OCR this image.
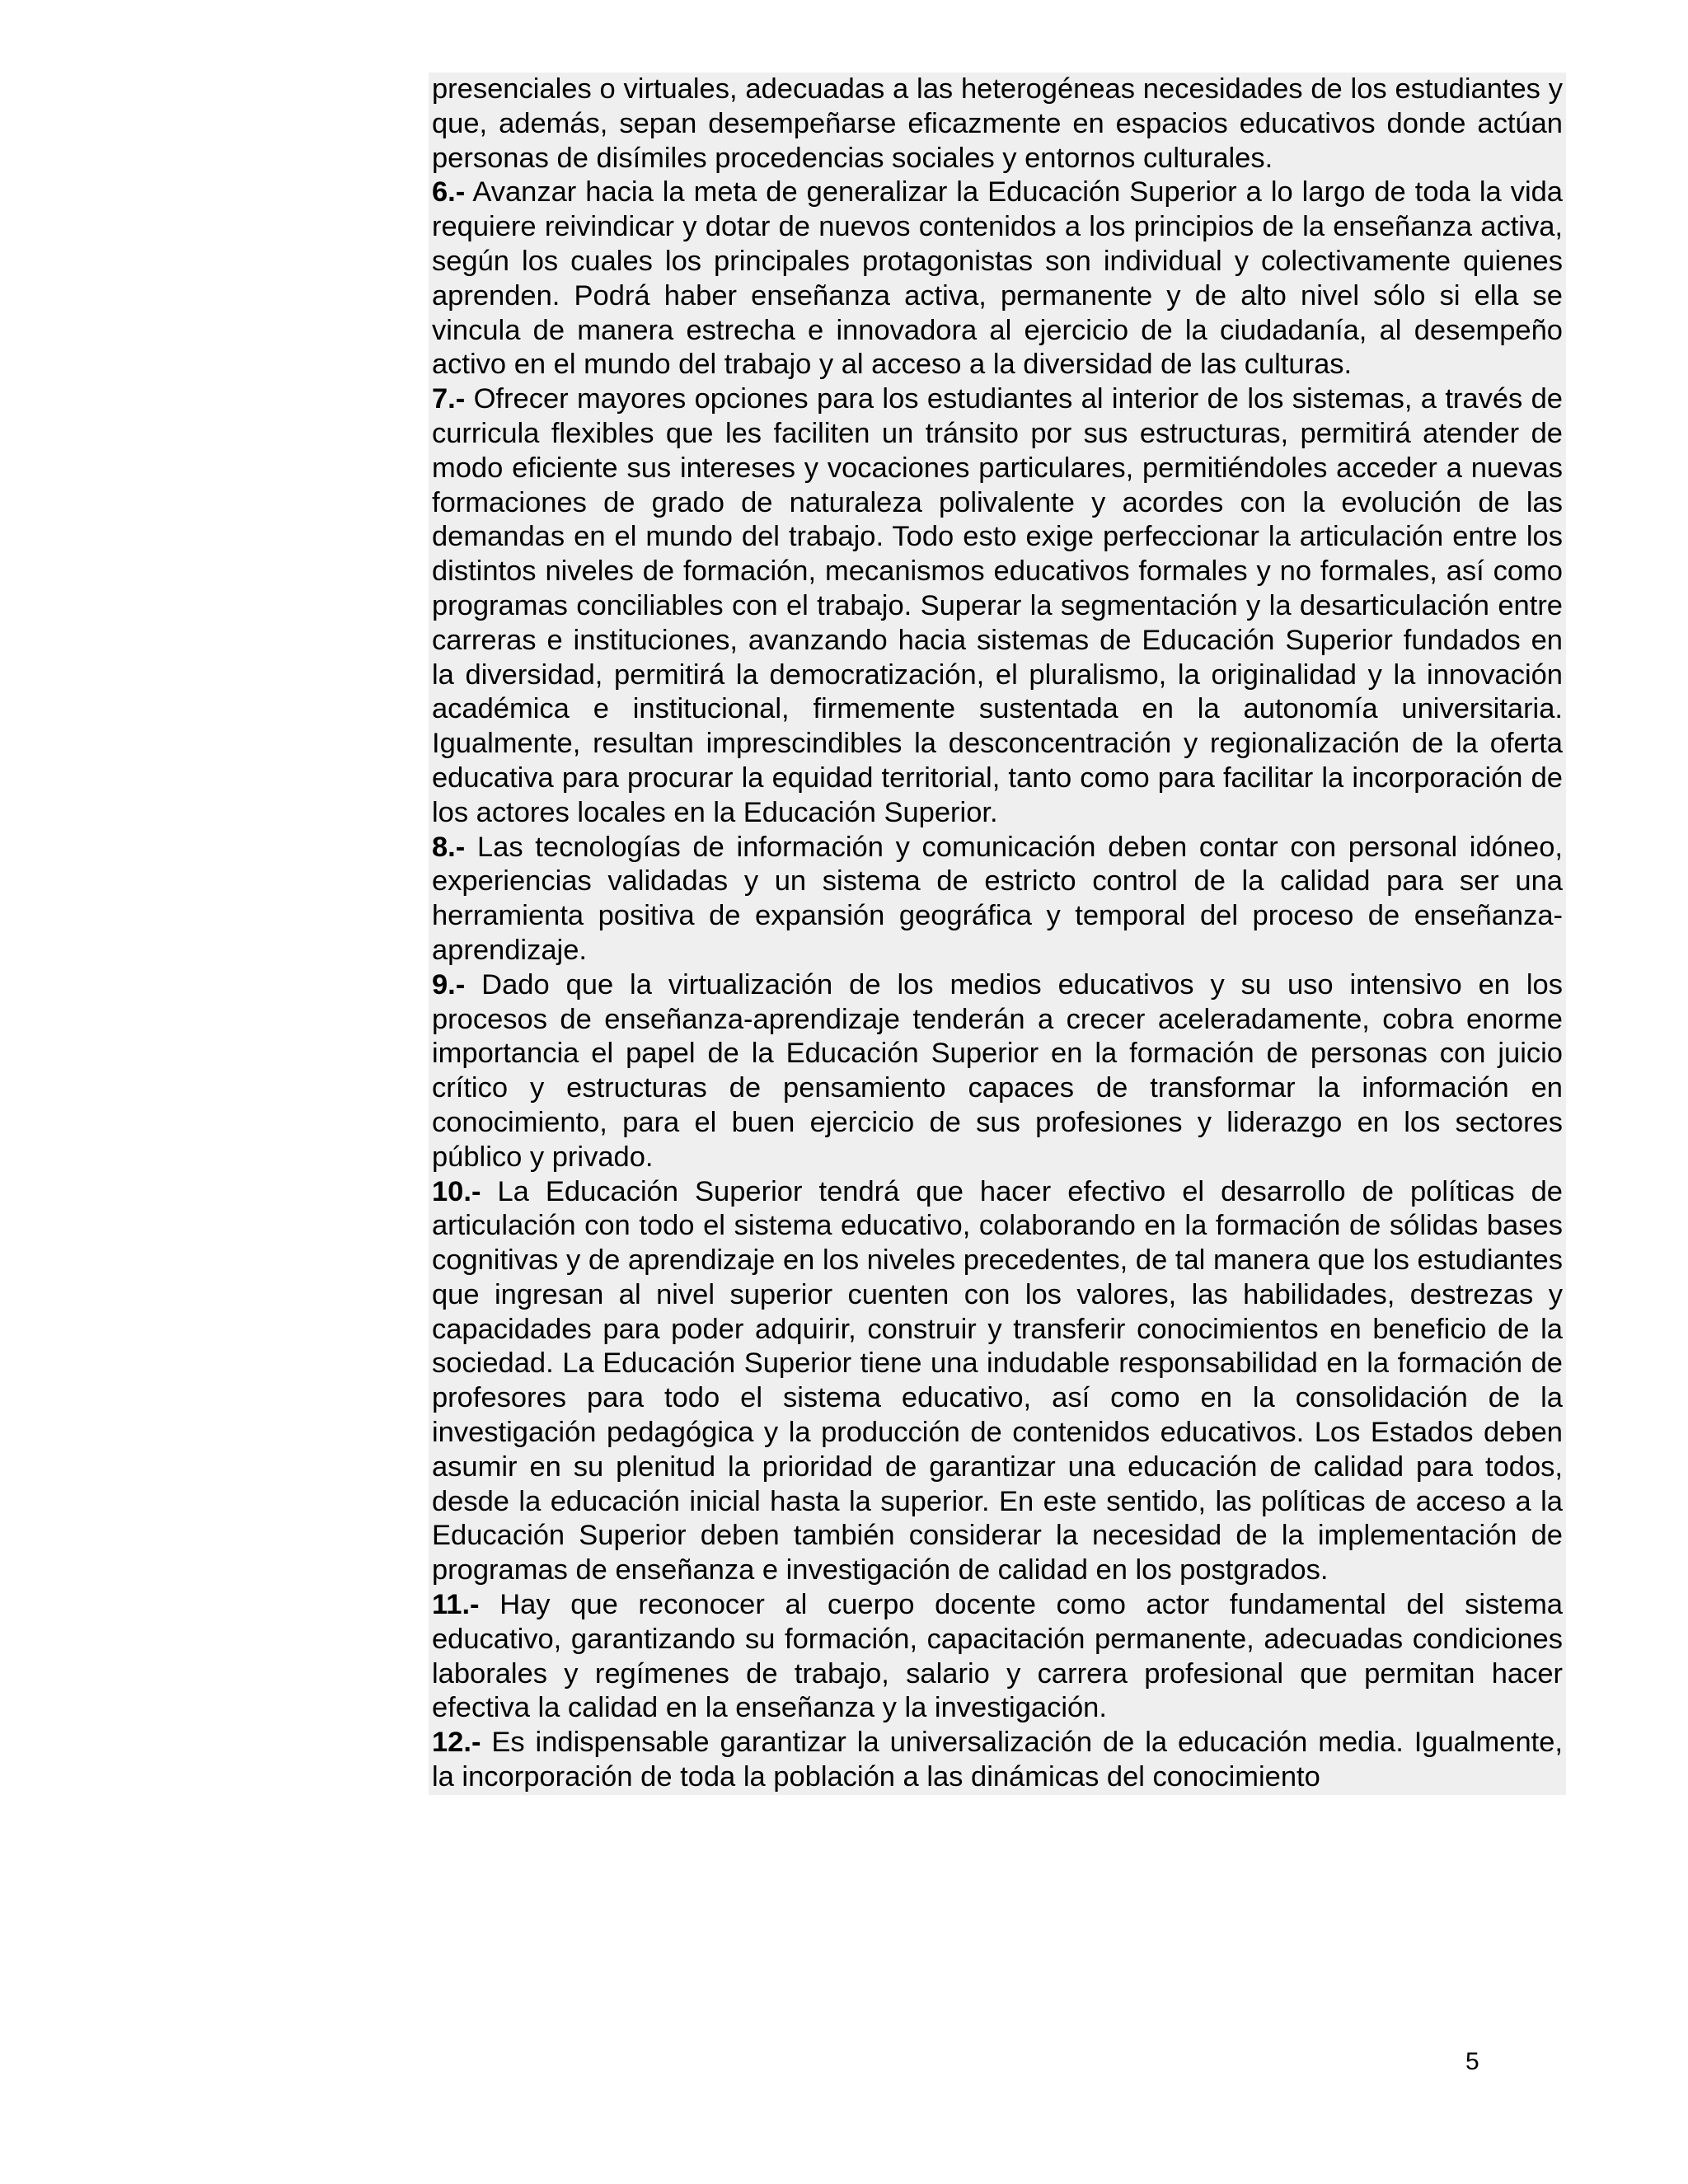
presenciales o virtuales, adecuadas a las heterogéneas necesidades de los estudiantes y que, además, sepan desempeñarse eficazmente en espacios educativos donde actúan personas de disímiles procedencias sociales y entornos culturales.

6.- Avanzar hacia la meta de generalizar la Educación Superior a lo largo de toda la vida requiere reivindicar y dotar de nuevos contenidos a los principios de la enseñanza activa, según los cuales los principales protagonistas son individual y colectivamente quienes aprenden. Podrá haber enseñanza activa, permanente y de alto nivel sólo si ella se vincula de manera estrecha e innovadora al ejercicio de la ciudadanía, al desempeño activo en el mundo del trabajo y al acceso a la diversidad de las culturas.

7.- Ofrecer mayores opciones para los estudiantes al interior de los sistemas, a través de curricula flexibles que les faciliten un tránsito por sus estructuras, permitirá atender de modo eficiente sus intereses y vocaciones particulares, permitiéndoles acceder a nuevas formaciones de grado de naturaleza polivalente y acordes con la evolución de las demandas en el mundo del trabajo. Todo esto exige perfeccionar la articulación entre los distintos niveles de formación, mecanismos educativos formales y no formales, así como programas conciliables con el trabajo. Superar la segmentación y la desarticulación entre carreras e instituciones, avanzando hacia sistemas de Educación Superior fundados en la diversidad, permitirá la democratización, el pluralismo, la originalidad y la innovación académica e institucional, firmemente sustentada en la autonomía universitaria. Igualmente, resultan imprescindibles la desconcentración y regionalización de la oferta educativa para procurar la equidad territorial, tanto como para facilitar la incorporación de los actores locales en la Educación Superior.

8.- Las tecnologías de información y comunicación deben contar con personal idóneo, experiencias validadas y un sistema de estricto control de la calidad para ser una herramienta positiva de expansión geográfica y temporal del proceso de enseñanza- aprendizaje.

9.- Dado que la virtualización de los medios educativos y su uso intensivo en los procesos de enseñanza-aprendizaje tenderán a crecer aceleradamente, cobra enorme importancia el papel de la Educación Superior en la formación de personas con juicio crítico y estructuras de pensamiento capaces de transformar la información en conocimiento, para el buen ejercicio de sus profesiones y liderazgo en los sectores público y privado.

10.- La Educación Superior tendrá que hacer efectivo el desarrollo de políticas de articulación con todo el sistema educativo, colaborando en la formación de sólidas bases cognitivas y de aprendizaje en los niveles precedentes, de tal manera que los estudiantes que ingresan al nivel superior cuenten con los valores, las habilidades, destrezas y capacidades para poder adquirir, construir y transferir conocimientos en beneficio de la sociedad. La Educación Superior tiene una indudable responsabilidad en la formación de profesores para todo el sistema educativo, así como en la consolidación de la investigación pedagógica y la producción de contenidos educativos. Los Estados deben asumir en su plenitud la prioridad de garantizar una educación de calidad para todos, desde la educación inicial hasta la superior. En este sentido, las políticas de acceso a la Educación Superior deben también considerar la necesidad de la implementación de programas de enseñanza e investigación de calidad en los postgrados.

11.- Hay que reconocer al cuerpo docente como actor fundamental del sistema educativo, garantizando su formación, capacitación permanente, adecuadas condiciones laborales y regímenes de trabajo, salario y carrera profesional que permitan hacer efectiva la calidad en la enseñanza y la investigación.

12.- Es indispensable garantizar la universalización de la educación media. Igualmente, la incorporación de toda la población a las dinámicas del conocimiento

5
